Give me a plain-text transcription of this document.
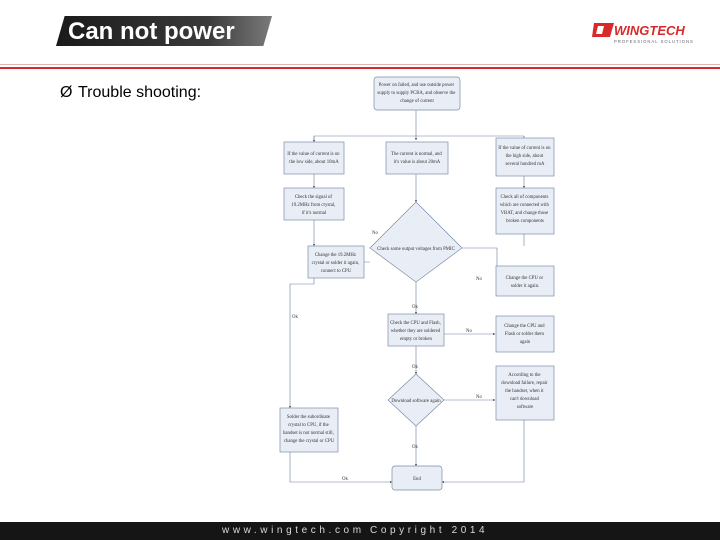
Can not power	WINGTECH
PROFESSIONAL SOLUTIONS
Ø Trouble shooting:	Power on failed, and use outside power supply to supply PCBA, and observe the change of current
If the value of current is on the low side, about 10mA
The current is normal, and it's value is about 20mA
If the value of current is on the high side, about several hundred mA
Check the signal of 19.2MHz from crystal, if it's normal
Check all of components which are connected with VBAT, and change those broken components
Check some output voltages from PMIC
Change the 19.2MHz crystal or solder it again, connect to CPU
Change the CPU or solder it again.
Check the CPU and Flash, whether they are soldered empty or broken
Change the CPU and Flash or solder them again
Download software again
According to the download failure, repair the handset, when it can't download software
Solder the subordinate crystal to CPU, if the handset is not normal still, change the crystal or CPU
End
No
No
Ok
Ok
No
Ok
No
Ok
Ok
www.wingtech.com Copyright 2014
